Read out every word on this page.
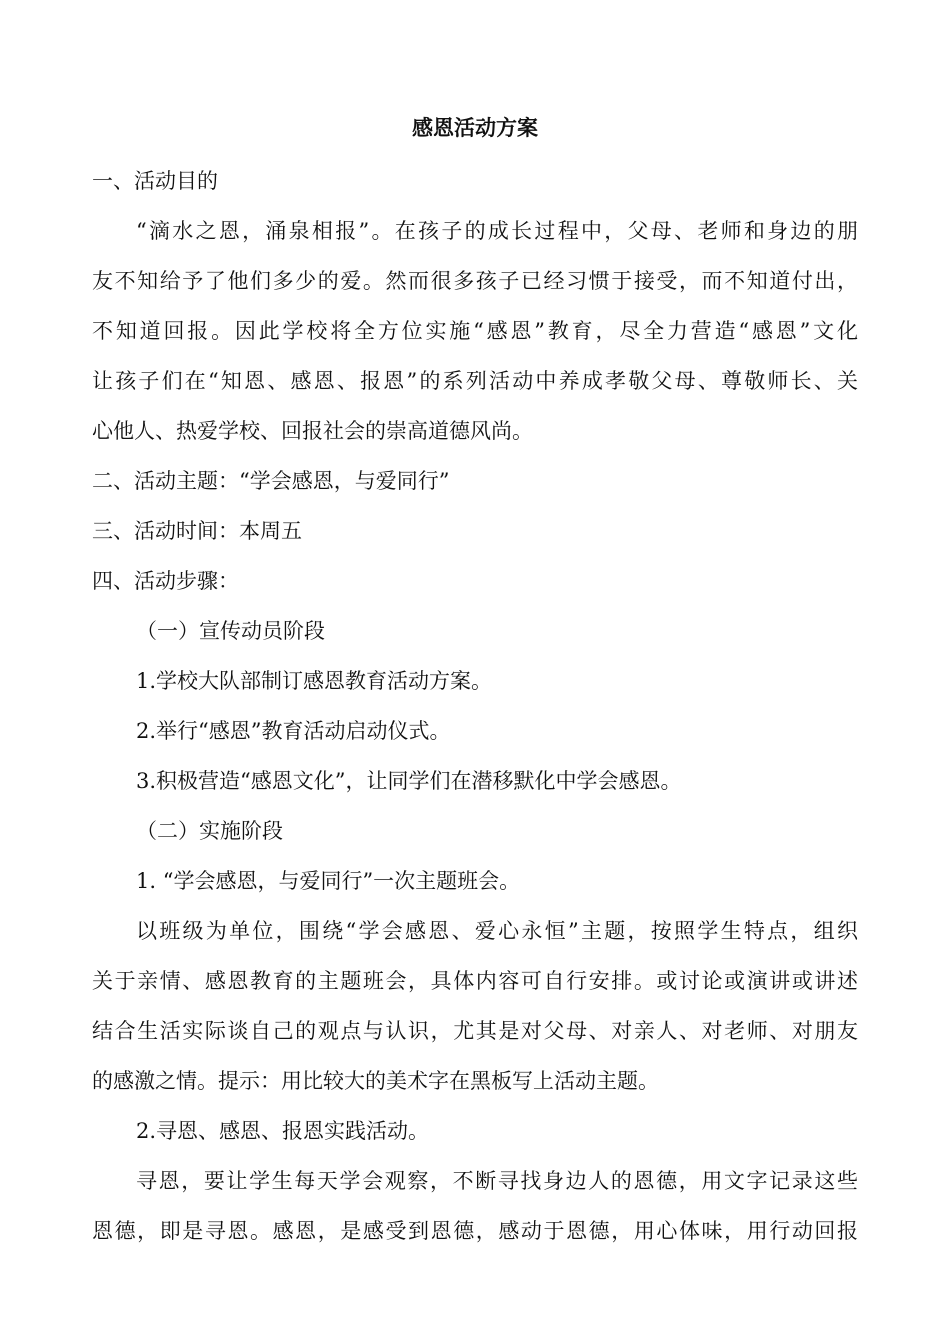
感恩活动方案
一、活动目的
“滴水之恩，涌泉相报”。在孩子的成长过程中，父母、老师和身边的朋
友不知给予了他们多少的爱。然而很多孩子已经习惯于接受，而不知道付出，
不知道回报。因此学校将全方位实施“感恩”教育，尽全力营造“感恩”文化
让孩子们在“知恩、感恩、报恩”的系列活动中养成孝敬父母、尊敬师长、关
心他人、热爱学校、回报社会的崇高道德风尚。
二、活动主题：“学会感恩，与爱同行”
三、活动时间：本周五
四、活动步骤：
（一）宣传动员阶段
1.学校大队部制订感恩教育活动方案。
2.举行“感恩”教育活动启动仪式。
3.积极营造“感恩文化”，让同学们在潜移默化中学会感恩。
（二）实施阶段
1. “学会感恩，与爱同行”一次主题班会。
以班级为单位，围绕“学会感恩、爱心永恒”主题，按照学生特点，组织
关于亲情、感恩教育的主题班会，具体内容可自行安排。或讨论或演讲或讲述
结合生活实际谈自己的观点与认识，尤其是对父母、对亲人、对老师、对朋友
的感激之情。提示：用比较大的美术字在黑板写上活动主题。
2.寻恩、感恩、报恩实践活动。
寻恩，要让学生每天学会观察，不断寻找身边人的恩德，用文字记录这些
恩德，即是寻恩。感恩，是感受到恩德，感动于恩德，用心体味，用行动回报
